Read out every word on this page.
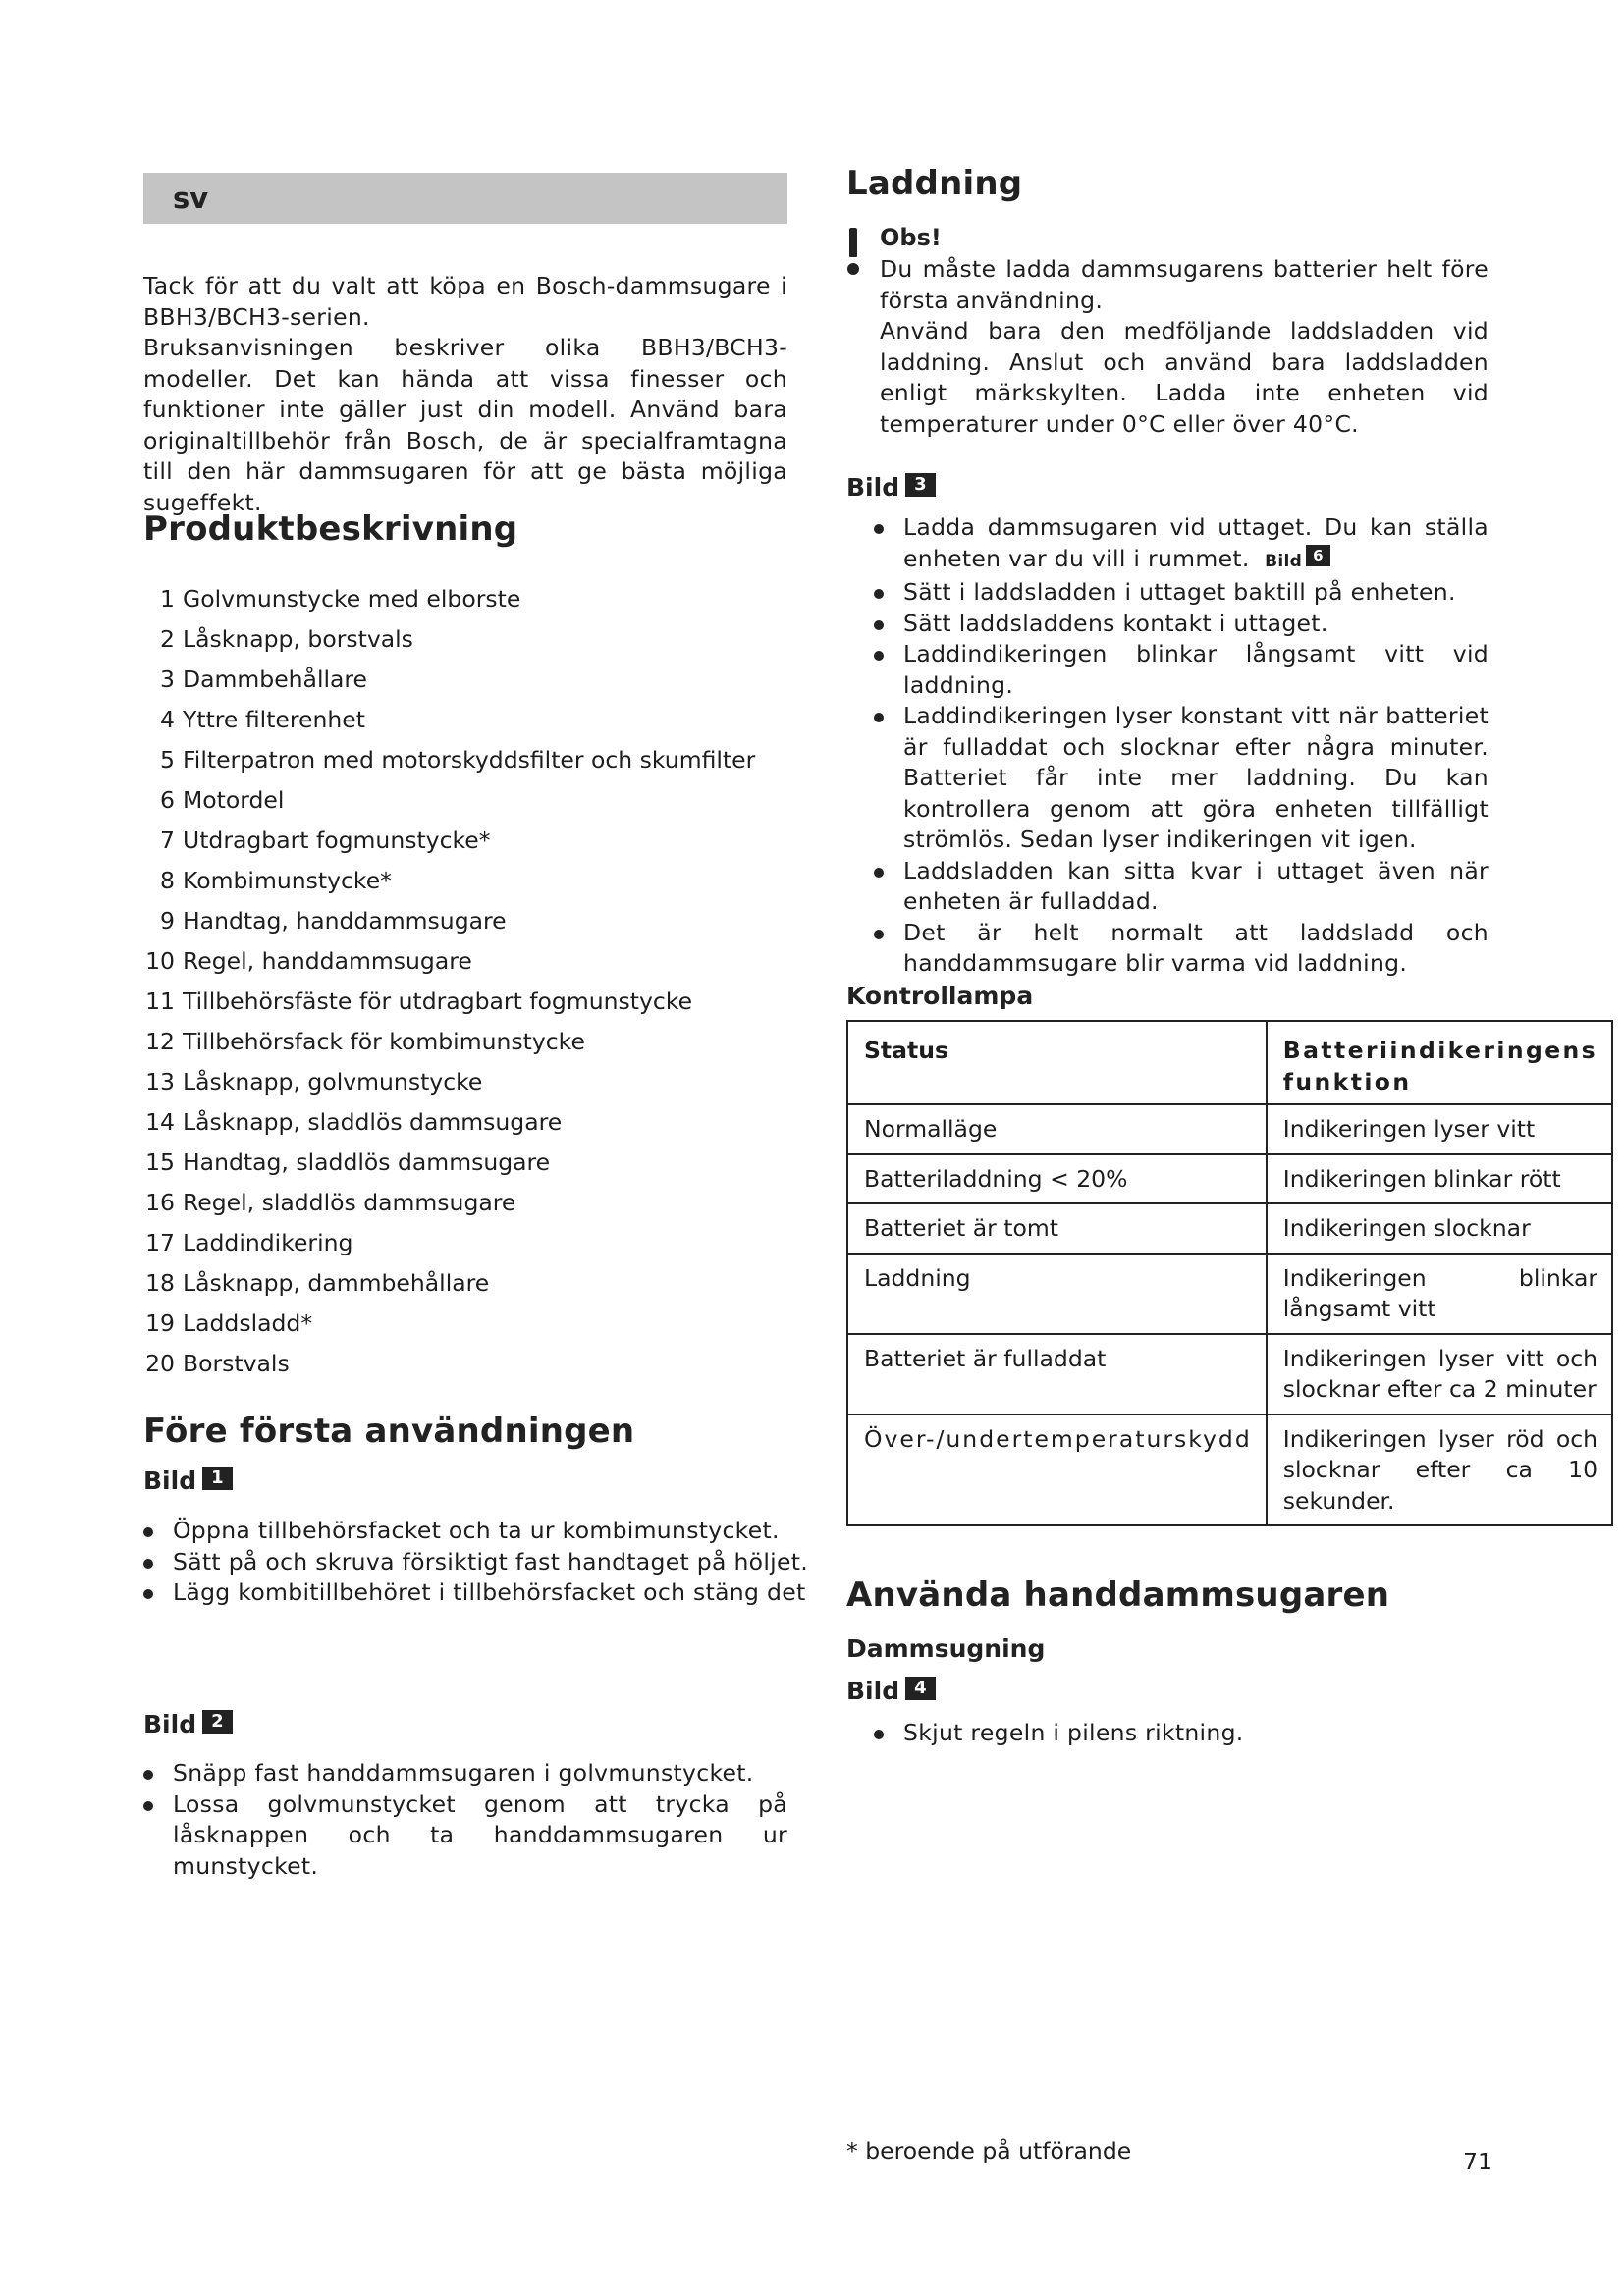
sv

Tack för att du valt att köpa en Bosch-dammsugare i BBH3/BCH3-serien.

Bruksanvisningen beskriver olika BBH3/BCH3-modeller. Det kan hända att vissa finesser och funktioner inte gäller just din modell. Använd bara originaltillbehör från Bosch, de är specialframtagna till den här dammsugaren för att ge bästa möjliga sugeffekt.

Produktbeskrivning
1 Golvmunstycke med elborste
2 Låsknapp, borstvals
3 Dammbehållare
4 Yttre filterenhet
5 Filterpatron med motorskyddsfilter och skumfilter
6 Motordel
7 Utdragbart fogmunstycke*
8 Kombimunstycke*
9 Handtag, handdammsugare
10 Regel, handdammsugare
11 Tillbehörsfäste för utdragbart fogmunstycke
12 Tillbehörsfack för kombimunstycke
13 Låsknapp, golvmunstycke
14 Låsknapp, sladdlös dammsugare
15 Handtag, sladdlös dammsugare
16 Regel, sladdlös dammsugare
17 Laddindikering
18 Låsknapp, dammbehållare
19 Laddsladd*
20 Borstvals
Före första användningen
Bild 1
Öppna tillbehörsfacket och ta ur kombimunstycket.
Sätt på och skruva försiktigt fast handtaget på höljet.
Lägg kombitillbehöret i tillbehörsfacket och stäng det
Bild 2
Snäpp fast handdammsugaren i golvmunstycket.
Lossa golvmunstycket genom att trycka på låsknappen och ta handdammsugaren ur munstycket.
Laddning
Obs!

Du måste ladda dammsugarens batterier helt före första användning.

Använd bara den medföljande laddsladden vid laddning. Anslut och använd bara laddsladden enligt märkskylten. Ladda inte enheten vid temperaturer under 0°C eller över 40°C.

Bild 3
Ladda dammsugaren vid uttaget. Du kan ställa enheten var du vill i rummet. Bild 6
Sätt i laddsladden i uttaget baktill på enheten.
Sätt laddsladdens kontakt i uttaget.
Laddindikeringen blinkar långsamt vitt vid laddning.
Laddindikeringen lyser konstant vitt när batteriet är fulladdat och slocknar efter några minuter. Batteriet får inte mer laddning. Du kan kontrollera genom att göra enheten tillfälligt strömlös. Sedan lyser indikeringen vit igen.
Laddsladden kan sitta kvar i uttaget även när enheten är fulladdad.
Det är helt normalt att laddsladd och handdammsugare blir varma vid laddning.
Kontrollampa
Status	Batteriindikeringens funktion
Normalläge	Indikeringen lyser vitt
Batteriladdning < 20%	Indikeringen blinkar rött
Batteriet är tomt	Indikeringen slocknar
Laddning	Indikeringen blinkar långsamt vitt
Batteriet är fulladdat	Indikeringen lyser vitt och slocknar efter ca 2 minuter
Över-/undertemperaturskydd	Indikeringen lyser röd och slocknar efter ca 10 sekunder.
Använda handdammsugaren
Dammsugning
Bild 4
Skjut regeln i pilens riktning.
* beroende på utförande	71
